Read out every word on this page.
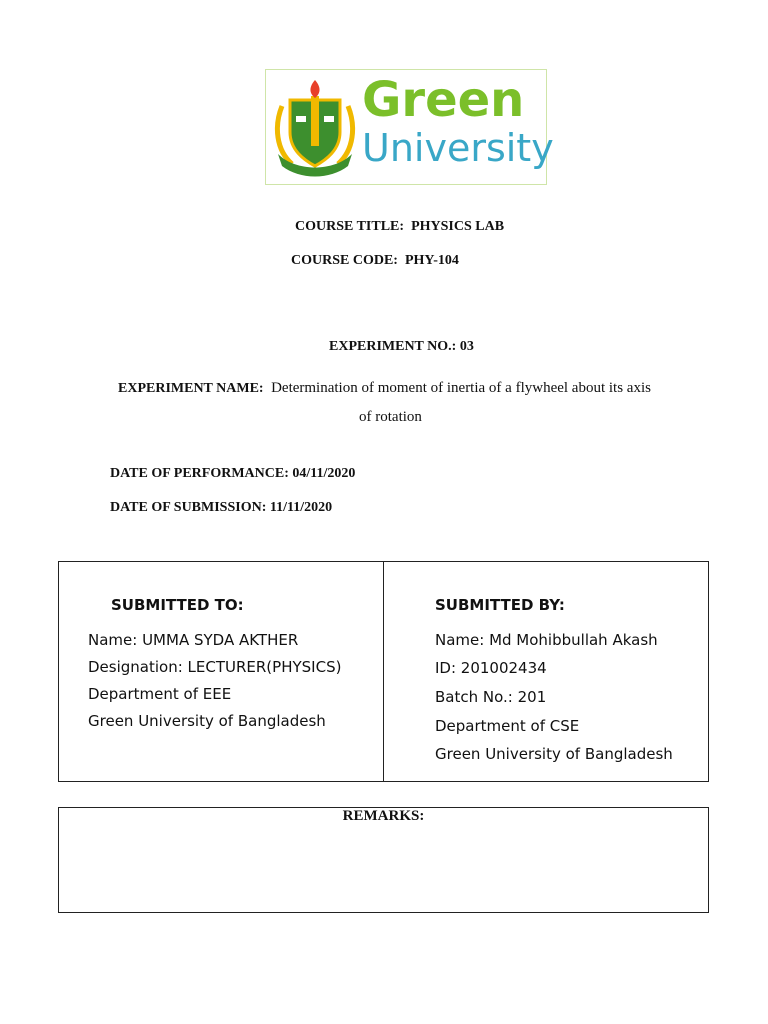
Green
University
COURSE TITLE: PHYSICS LAB
COURSE CODE: PHY-104
EXPERIMENT NO.: 03
EXPERIMENT NAME: Determination of moment of inertia of a flywheel about its axis
of rotation
DATE OF PERFORMANCE: 04/11/2020
DATE OF SUBMISSION: 11/11/2020
SUBMITTED TO:
Name: UMMA SYDA AKTHER
Designation: LECTURER(PHYSICS)
Department of EEE
Green University of Bangladesh
SUBMITTED BY:
Name: Md Mohibbullah Akash
ID: 201002434
Batch No.: 201
Department of CSE
Green University of Bangladesh
REMARKS:
